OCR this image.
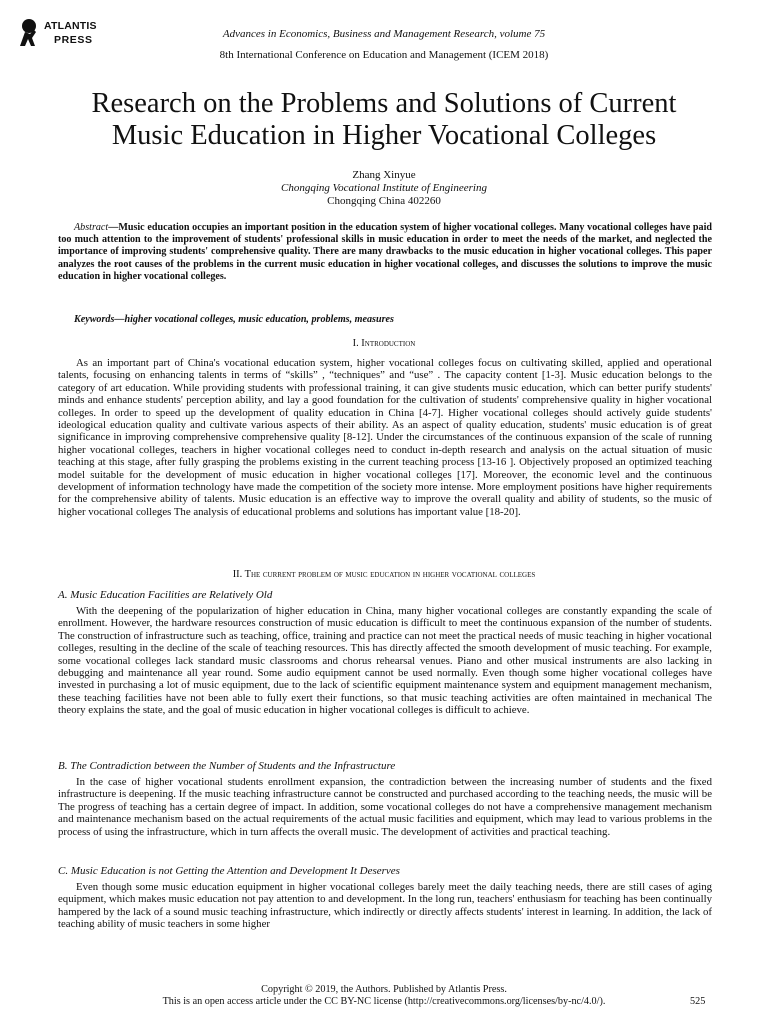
ATLANTIS
PRESS	Advances in Economics, Business and Management Research, volume 75
8th International Conference on Education and Management (ICEM 2018)
Research on the Problems and Solutions of Current
Music Education in Higher Vocational Colleges
Zhang Xinyue
Chongqing Vocational Institute of Engineering
Chongqing China 402260
Abstract—Music education occupies an important position in the education system of higher vocational colleges. Many vocational colleges have paid too much attention to the improvement of students' professional skills in music education in order to meet the needs of the market, and neglected the importance of improving students' comprehensive quality. There are many drawbacks to the music education in higher vocational colleges. This paper analyzes the root causes of the problems in the current music education in higher vocational colleges, and discusses the solutions to improve the music education in higher vocational colleges.
Keywords—higher vocational colleges, music education, problems, measures
I. Introduction
As an important part of China's vocational education system, higher vocational colleges focus on cultivating skilled, applied and operational talents, focusing on enhancing talents in terms of “skills” , “techniques” and “use” . The capacity content [1-3]. Music education belongs to the category of art education. While providing students with professional training, it can give students music education, which can better purify students' minds and enhance students' perception ability, and lay a good foundation for the cultivation of students' comprehensive quality in higher vocational colleges. In order to speed up the development of quality education in China [4-7]. Higher vocational colleges should actively guide students' ideological education quality and cultivate various aspects of their ability. As an aspect of quality education, students' music education is of great significance in improving comprehensive comprehensive quality [8-12]. Under the circumstances of the continuous expansion of the scale of running higher vocational colleges, teachers in higher vocational colleges need to conduct in-depth research and analysis on the actual situation of music teaching at this stage, after fully grasping the problems existing in the current teaching process [13-16 ]. Objectively proposed an optimized teaching model suitable for the development of music education in higher vocational colleges [17]. Moreover, the economic level and the continuous development of information technology have made the competition of the society more intense. More employment positions have higher requirements for the comprehensive ability of talents. Music education is an effective way to improve the overall quality and ability of students, so the music of higher vocational colleges The analysis of educational problems and solutions has important value [18-20].
II. The current problem of music education in higher vocational colleges
A. Music Education Facilities are Relatively Old
With the deepening of the popularization of higher education in China, many higher vocational colleges are constantly expanding the scale of enrollment. However, the hardware resources construction of music education is difficult to meet the continuous expansion of the number of students. The construction of infrastructure such as teaching, office, training and practice can not meet the practical needs of music teaching in higher vocational colleges, resulting in the decline of the scale of teaching resources. This has directly affected the smooth development of music teaching. For example, some vocational colleges lack standard music classrooms and chorus rehearsal venues. Piano and other musical instruments are also lacking in debugging and maintenance all year round. Some audio equipment cannot be used normally. Even though some higher vocational colleges have invested in purchasing a lot of music equipment, due to the lack of scientific equipment maintenance system and equipment management mechanism, these teaching facilities have not been able to fully exert their functions, so that music teaching activities are often maintained in mechanical The theory explains the state, and the goal of music education in higher vocational colleges is difficult to achieve.
B. The Contradiction between the Number of Students and the Infrastructure
In the case of higher vocational students enrollment expansion, the contradiction between the increasing number of students and the fixed infrastructure is deepening. If the music teaching infrastructure cannot be constructed and purchased according to the teaching needs, the music will be The progress of teaching has a certain degree of impact. In addition, some vocational colleges do not have a comprehensive management mechanism and maintenance mechanism based on the actual requirements of the actual music facilities and equipment, which may lead to various problems in the process of using the infrastructure, which in turn affects the overall music. The development of activities and practical teaching.
C. Music Education is not Getting the Attention and Development It Deserves
Even though some music education equipment in higher vocational colleges barely meet the daily teaching needs, there are still cases of aging equipment, which makes music education not pay attention to and development. In the long run, teachers' enthusiasm for teaching has been continually hampered by the lack of a sound music teaching infrastructure, which indirectly or directly affects students' interest in learning. In addition, the lack of teaching ability of music teachers in some higher
Copyright © 2019, the Authors. Published by Atlantis Press.
This is an open access article under the CC BY-NC license (http://creativecommons.org/licenses/by-nc/4.0/).	525
